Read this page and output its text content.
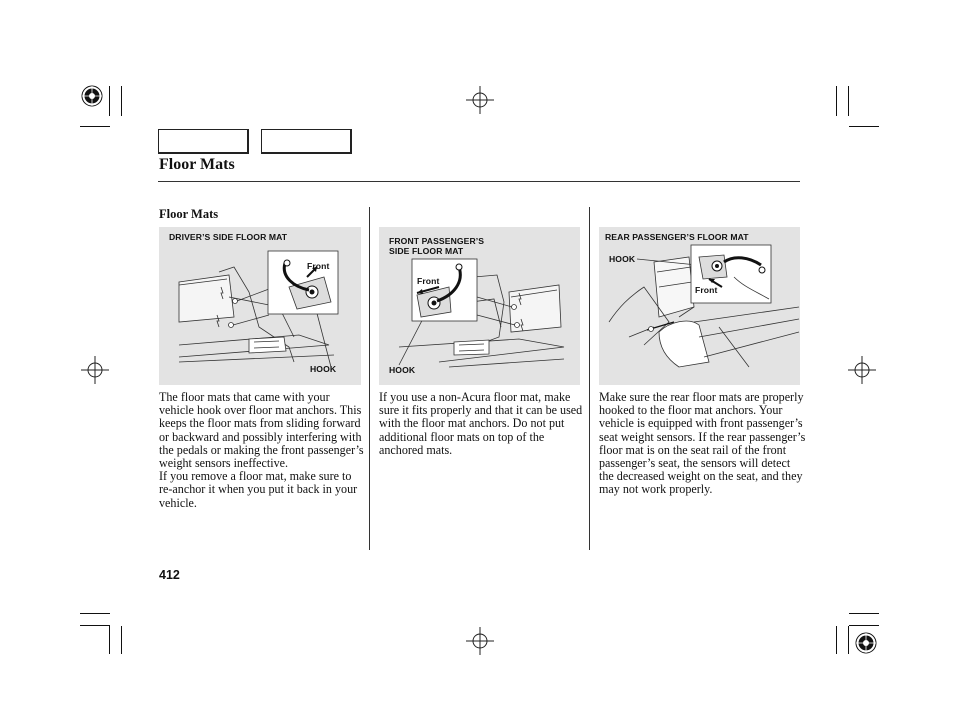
Floor Mats
Floor Mats
DRIVER’S SIDE FLOOR MAT
Front
HOOK
FRONT PASSENGER’S
SIDE FLOOR MAT
Front
HOOK
REAR PASSENGER’S FLOOR MAT
HOOK
Front

The floor mats that came with your vehicle hook over floor mat anchors. This keeps the floor mats from sliding forward or backward and possibly interfering with the pedals or making the front passenger’s weight sensors ineffective.

If you remove a floor mat, make sure to re-anchor it when you put it back in your vehicle.

If you use a non-Acura floor mat, make sure it fits properly and that it can be used with the floor mat anchors. Do not put additional floor mats on top of the anchored mats.

Make sure the rear floor mats are properly hooked to the floor mat anchors. Your vehicle is equipped with front passenger’s seat weight sensors. If the rear passenger’s floor mat is on the seat rail of the front passenger’s seat, the sensors will detect the decreased weight on the seat, and they may not work properly.

412
